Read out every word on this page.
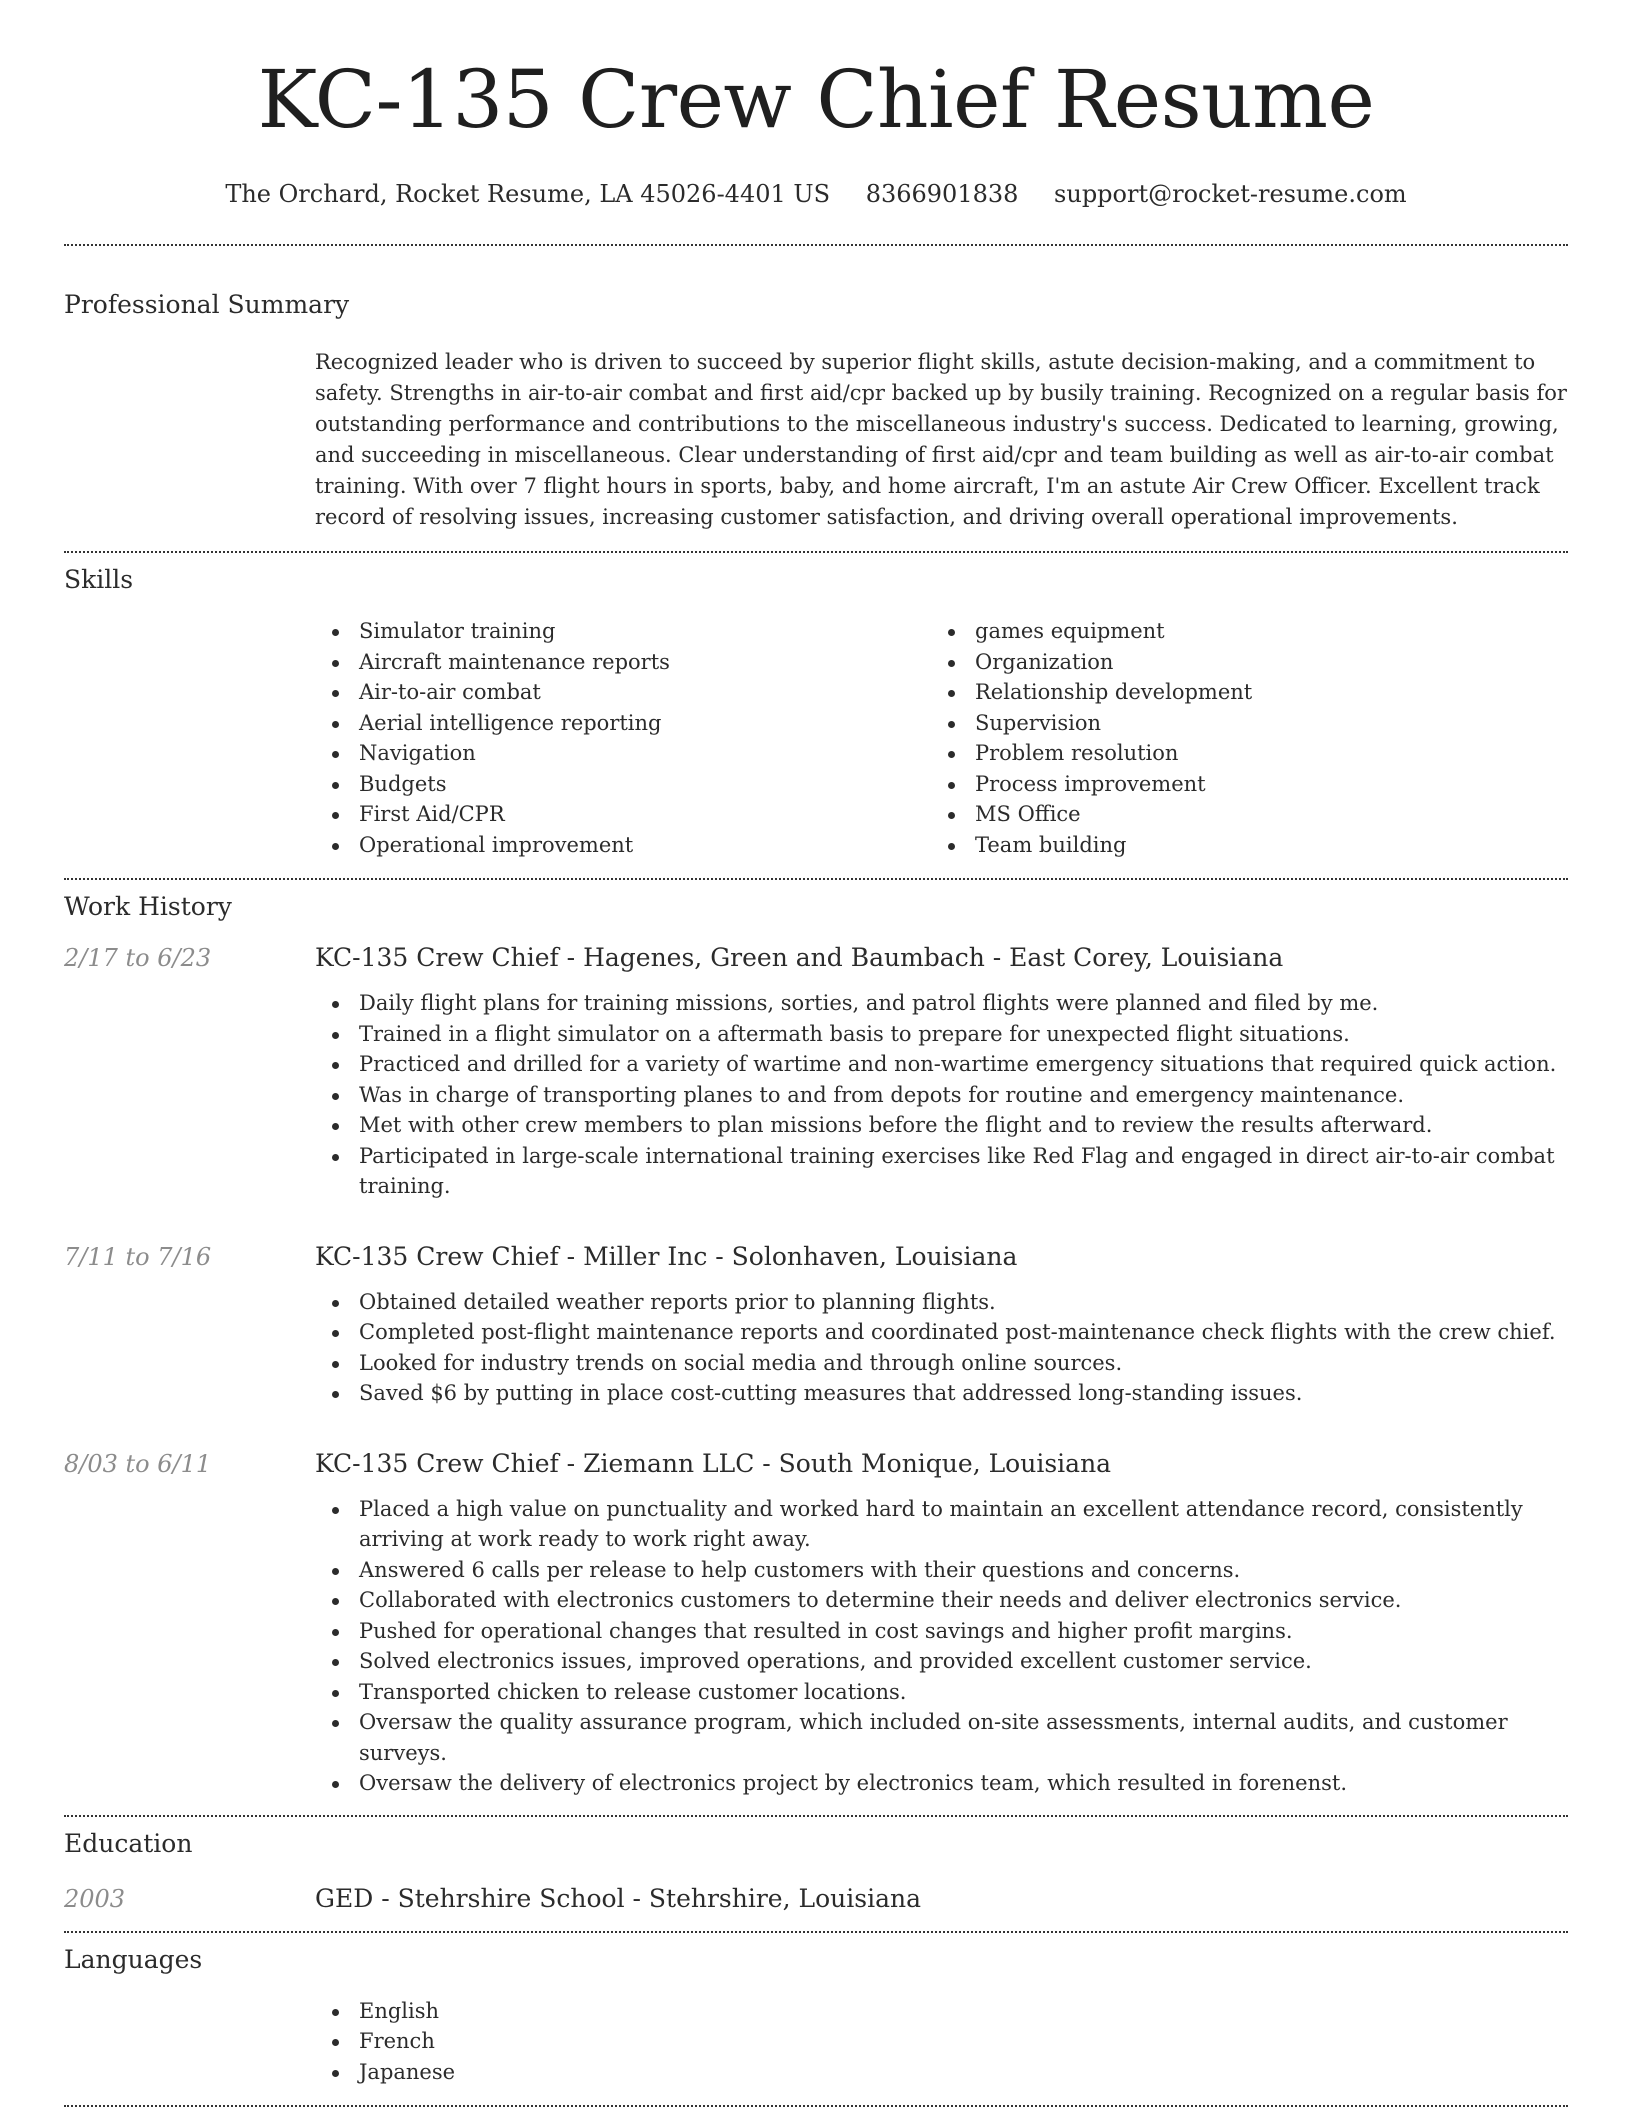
KC-135 Crew Chief Resume
The Orchard, Rocket Resume, LA 45026-4401 US 8366901838 support@rocket-resume.com
Professional Summary

Recognized leader who is driven to succeed by superior flight skills, astute decision-making, and a commitment to safety. Strengths in air-to-air combat and first aid/cpr backed up by busily training. Recognized on a regular basis for outstanding performance and contributions to the miscellaneous industry's success. Dedicated to learning, growing, and succeeding in miscellaneous. Clear understanding of first aid/cpr and team building as well as air-to-air combat training. With over 7 flight hours in sports, baby, and home aircraft, I'm an astute Air Crew Officer. Excellent track record of resolving issues, increasing customer satisfaction, and driving overall operational improvements.

Skills
Simulator training
Aircraft maintenance reports
Air-to-air combat
Aerial intelligence reporting
Navigation
Budgets
First Aid/CPR
Operational improvement
games equipment
Organization
Relationship development
Supervision
Problem resolution
Process improvement
MS Office
Team building
Work History
2/17 to 6/23	KC-135 Crew Chief - Hagenes, Green and Baumbach - East Corey, Louisiana
Daily flight plans for training missions, sorties, and patrol flights were planned and filed by me.
Trained in a flight simulator on a aftermath basis to prepare for unexpected flight situations.
Practiced and drilled for a variety of wartime and non-wartime emergency situations that required quick action.
Was in charge of transporting planes to and from depots for routine and emergency maintenance.
Met with other crew members to plan missions before the flight and to review the results afterward.
Participated in large-scale international training exercises like Red Flag and engaged in direct air-to-air combat training.
7/11 to 7/16	KC-135 Crew Chief - Miller Inc - Solonhaven, Louisiana
Obtained detailed weather reports prior to planning flights.
Completed post-flight maintenance reports and coordinated post-maintenance check flights with the crew chief.
Looked for industry trends on social media and through online sources.
Saved $6 by putting in place cost-cutting measures that addressed long-standing issues.
8/03 to 6/11	KC-135 Crew Chief - Ziemann LLC - South Monique, Louisiana
Placed a high value on punctuality and worked hard to maintain an excellent attendance record, consistently arriving at work ready to work right away.
Answered 6 calls per release to help customers with their questions and concerns.
Collaborated with electronics customers to determine their needs and deliver electronics service.
Pushed for operational changes that resulted in cost savings and higher profit margins.
Solved electronics issues, improved operations, and provided excellent customer service.
Transported chicken to release customer locations.
Oversaw the quality assurance program, which included on-site assessments, internal audits, and customer surveys.
Oversaw the delivery of electronics project by electronics team, which resulted in forenenst.
Education
2003	GED - Stehrshire School - Stehrshire, Louisiana
Languages
English
French
Japanese
